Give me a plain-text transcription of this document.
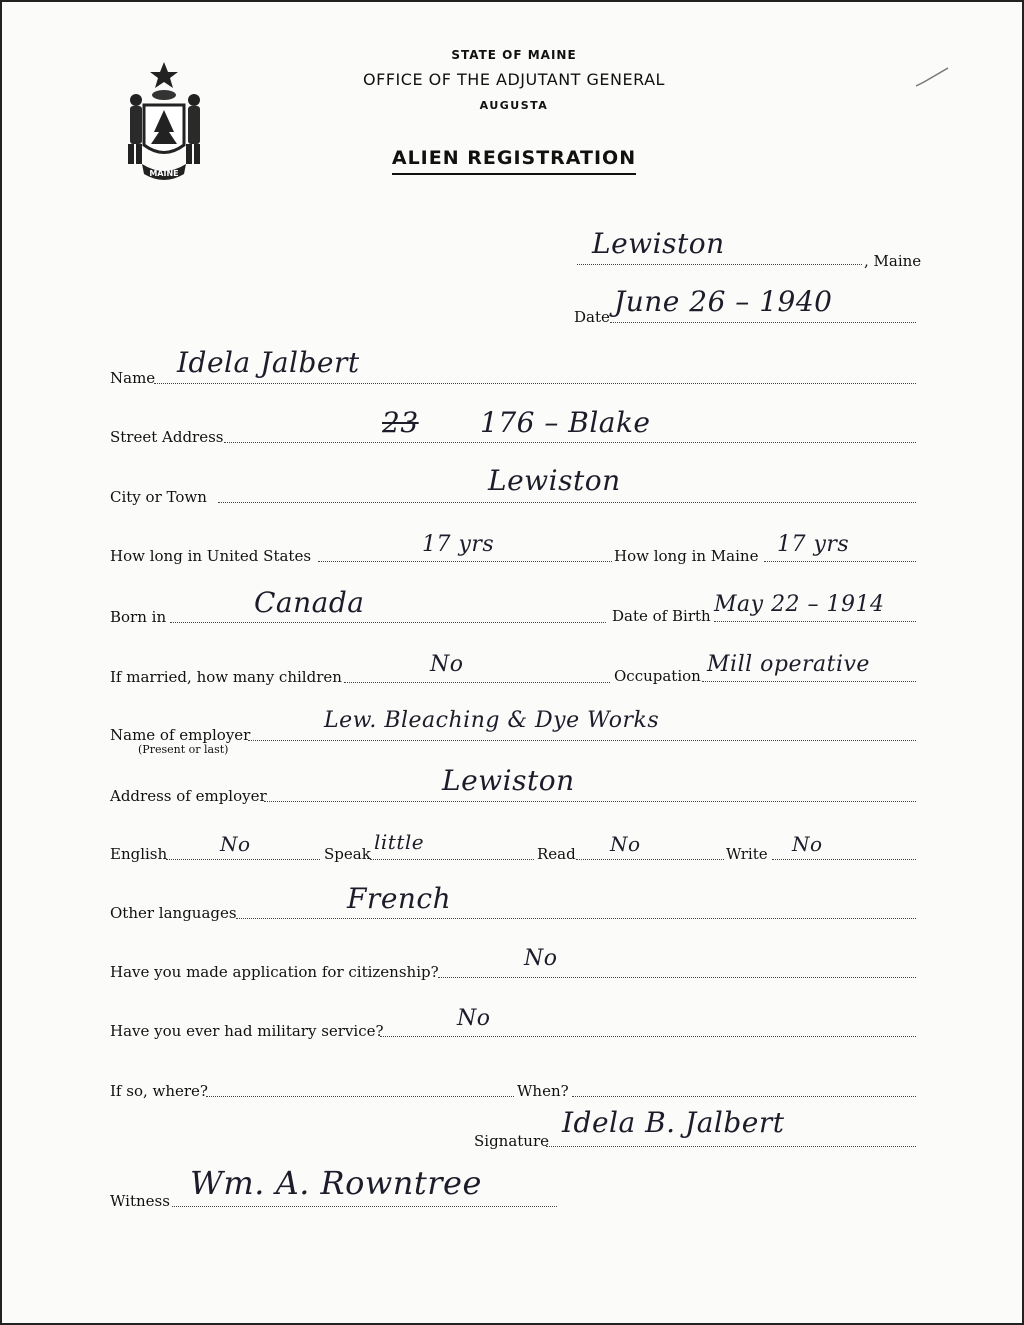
MAINE
STATE OF MAINE
OFFICE OF THE ADJUTANT GENERAL
AUGUSTA
ALIEN REGISTRATION
Lewiston
, Maine
Date June 26 – 1940
Name Idela Jalbert
Street Address	23 176 – Blake
City or Town	Lewiston
How long in United States	17 yrs	How long in Maine 17 yrs
Born in	Canada	Date of Birth May 22 – 1914
If married, how many children	No	Occupation Mill operative
Name of employer
(Present or last)
Lew. Bleaching & Dye Works
Address of employer	Lewiston
English	No	Speak little	Read No	Write No
Other languages	French
Have you made application for citizenship?
No
Have you ever had military service?	No
If so, where?	When?
Signature
Idela B. Jalbert
Witness Wm. A. Rowntree
